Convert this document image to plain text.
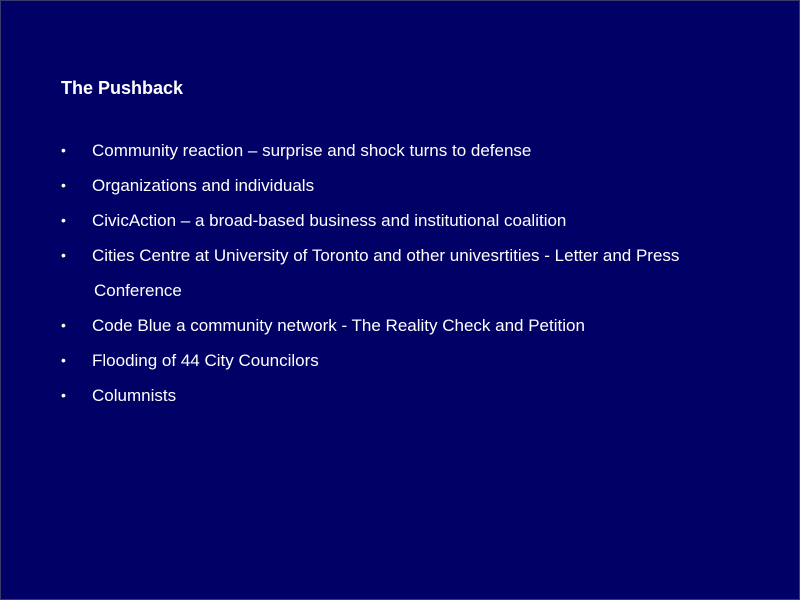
The Pushback
•	Community reaction – surprise and shock turns to defense
•	Organizations and individuals
•	CivicAction – a broad-based business and institutional coalition
•	Cities Centre at University of Toronto and other univesrtities - Letter and Press
Conference
•	Code Blue a community network - The Reality Check and Petition
•	Flooding of 44 City Councilors
•	Columnists
